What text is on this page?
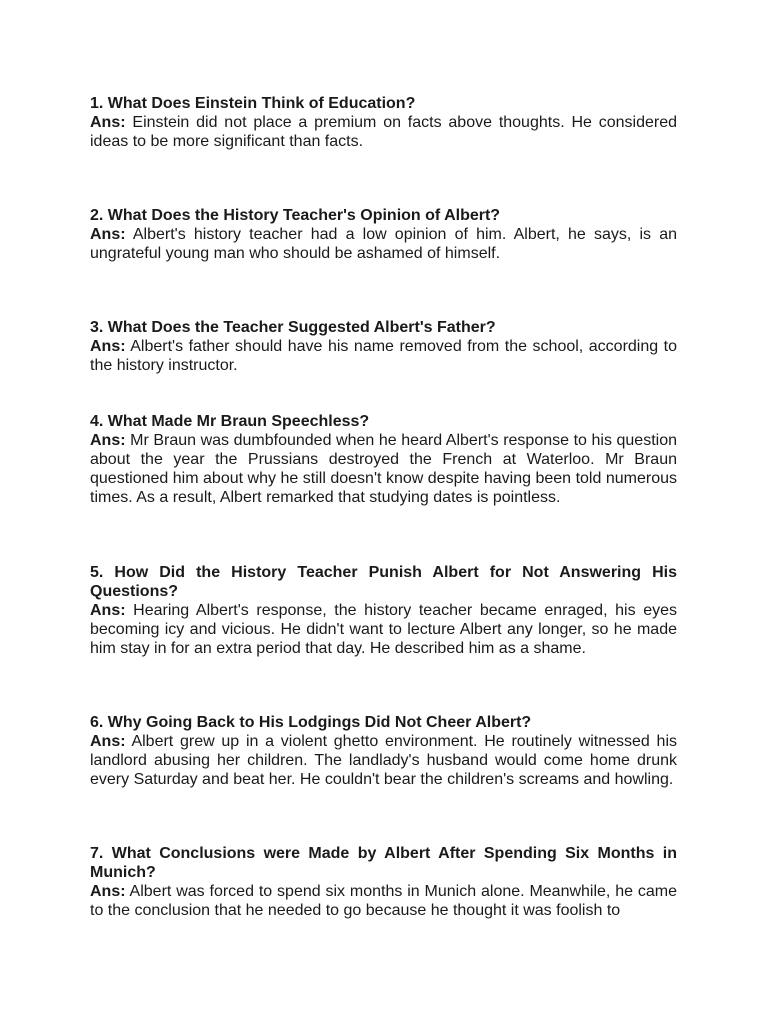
1. What Does Einstein Think of Education?

Ans: Einstein did not place a premium on facts above thoughts. He considered ideas to be more significant than facts.

2. What Does the History Teacher's Opinion of Albert?

Ans: Albert's history teacher had a low opinion of him. Albert, he says, is an ungrateful young man who should be ashamed of himself.

3. What Does the Teacher Suggested Albert's Father?

Ans: Albert's father should have his name removed from the school, according to the history instructor.

4. What Made Mr Braun Speechless?

Ans: Mr Braun was dumbfounded when he heard Albert's response to his question about the year the Prussians destroyed the French at Waterloo. Mr Braun questioned him about why he still doesn't know despite having been told numerous times. As a result, Albert remarked that studying dates is pointless.

5. How Did the History Teacher Punish Albert for Not Answering His Questions?

Ans: Hearing Albert's response, the history teacher became enraged, his eyes becoming icy and vicious. He didn't want to lecture Albert any longer, so he made him stay in for an extra period that day. He described him as a shame.

6. Why Going Back to His Lodgings Did Not Cheer Albert?

Ans: Albert grew up in a violent ghetto environment. He routinely witnessed his landlord abusing her children. The landlady's husband would come home drunk every Saturday and beat her. He couldn't bear the children's screams and howling.

7. What Conclusions were Made by Albert After Spending Six Months in Munich?

Ans: Albert was forced to spend six months in Munich alone. Meanwhile, he came to the conclusion that he needed to go because he thought it was foolish to
